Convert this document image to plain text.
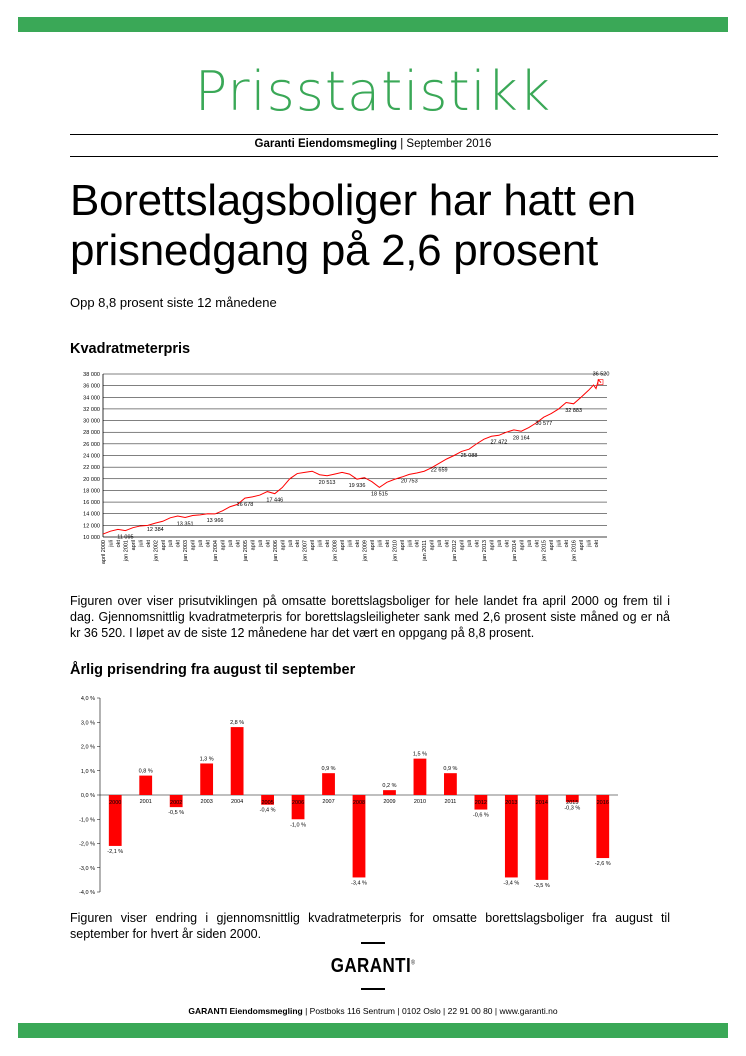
Prisstatistikk
Garanti Eiendomsmegling | September 2016
Borettslagsboliger har hatt en prisnedgang på 2,6 prosent
Opp 8,8 prosent siste 12 månedene
Kvadratmeterpris
10 000
12 000
14 000
16 000
18 000
20 000
22 000
24 000
26 000
28 000
30 000
32 000
34 000
36 000
38 000
april 2000 juli okt jan 2001 april juli okt jan 2002 april juli okt jan 2003 april juli okt jan 2004 april juli okt jan 2005 april juli okt jan 2006 april juli okt jan 2007 april juli okt jan 2008 april juli okt jan 2009 april juli okt jan 2010 april juli okt jan 2011 april juli okt jan 2012 april juli okt jan 2013 april juli okt jan 2014 april juli okt jan 2015 april juli okt jan 2016 april juli okt
11 095
12 384
13 351
13 966
16 678
17 446
20 513
19 936
18 515
20 753
22 659
25 088
27 472
28 164
30 577
32 883
36 520
Figuren over viser prisutviklingen på omsatte borettslagsboliger for hele landet fra april 2000 og frem til i dag. Gjennomsnittlig kvadratmeterpris for borettslagsleiligheter sank med 2,6 prosent siste måned og er nå kr 36 520. I løpet av de siste 12 månedene har det vært en oppgang på 8,8 prosent.
Årlig prisendring fra august til september
-4,0 %
-3,0 %
-2,0 %
-1,0 %
0,0 %
1,0 %
2,0 %
3,0 %
4,0 %
-2,1 %
2000
0,8 %
2001
-0,5 %
2002
1,3 %
2003
2,8 %
2004
-0,4 %
2005
-1,0 %
2006
0,9 %
2007
-3,4 %
2008
0,2 %
2009
1,5 %
2010
0,9 %
2011
-0,6 %
2012
-3,4 %
2013
-3,5 %
2014
-0,3 %
2015
-2,6 %
2016
Figuren viser endring i gjennomsnittlig kvadratmeterpris for omsatte borettslagsboliger fra august til september for hvert år siden 2000.
GARANTI®
GARANTI Eiendomsmegling | Postboks 116 Sentrum | 0102 Oslo | 22 91 00 80 | www.garanti.no
